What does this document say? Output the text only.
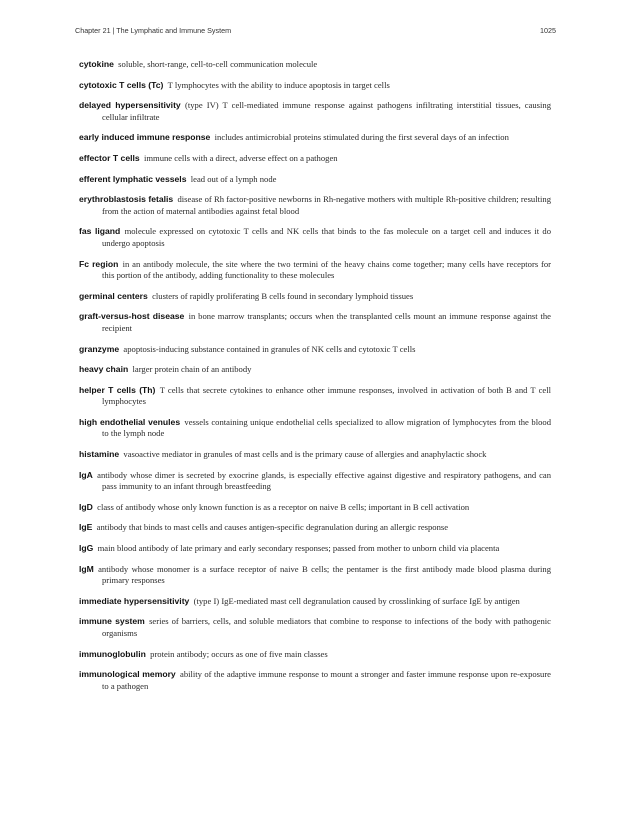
Chapter 21 | The Lymphatic and Immune System	1025

cytokine  soluble, short-range, cell-to-cell communication molecule

cytotoxic T cells (Tc)  T lymphocytes with the ability to induce apoptosis in target cells

delayed hypersensitivity  (type IV) T cell-mediated immune response against pathogens infiltrating interstitial tissues, causing cellular infiltrate

early induced immune response  includes antimicrobial proteins stimulated during the first several days of an infection

effector T cells  immune cells with a direct, adverse effect on a pathogen

efferent lymphatic vessels  lead out of a lymph node

erythroblastosis fetalis  disease of Rh factor-positive newborns in Rh-negative mothers with multiple Rh-positive children; resulting from the action of maternal antibodies against fetal blood

fas ligand  molecule expressed on cytotoxic T cells and NK cells that binds to the fas molecule on a target cell and induces it do undergo apoptosis

Fc region  in an antibody molecule, the site where the two termini of the heavy chains come together; many cells have receptors for this portion of the antibody, adding functionality to these molecules

germinal centers  clusters of rapidly proliferating B cells found in secondary lymphoid tissues

graft-versus-host disease  in bone marrow transplants; occurs when the transplanted cells mount an immune response against the recipient

granzyme  apoptosis-inducing substance contained in granules of NK cells and cytotoxic T cells

heavy chain  larger protein chain of an antibody

helper T cells (Th)  T cells that secrete cytokines to enhance other immune responses, involved in activation of both B and T cell lymphocytes

high endothelial venules  vessels containing unique endothelial cells specialized to allow migration of lymphocytes from the blood to the lymph node

histamine  vasoactive mediator in granules of mast cells and is the primary cause of allergies and anaphylactic shock

IgA  antibody whose dimer is secreted by exocrine glands, is especially effective against digestive and respiratory pathogens, and can pass immunity to an infant through breastfeeding

IgD  class of antibody whose only known function is as a receptor on naive B cells; important in B cell activation

IgE  antibody that binds to mast cells and causes antigen-specific degranulation during an allergic response

IgG  main blood antibody of late primary and early secondary responses; passed from mother to unborn child via placenta

IgM  antibody whose monomer is a surface receptor of naive B cells; the pentamer is the first antibody made blood plasma during primary responses

immediate hypersensitivity  (type I) IgE-mediated mast cell degranulation caused by crosslinking of surface IgE by antigen

immune system  series of barriers, cells, and soluble mediators that combine to response to infections of the body with pathogenic organisms

immunoglobulin  protein antibody; occurs as one of five main classes

immunological memory  ability of the adaptive immune response to mount a stronger and faster immune response upon re-exposure to a pathogen
